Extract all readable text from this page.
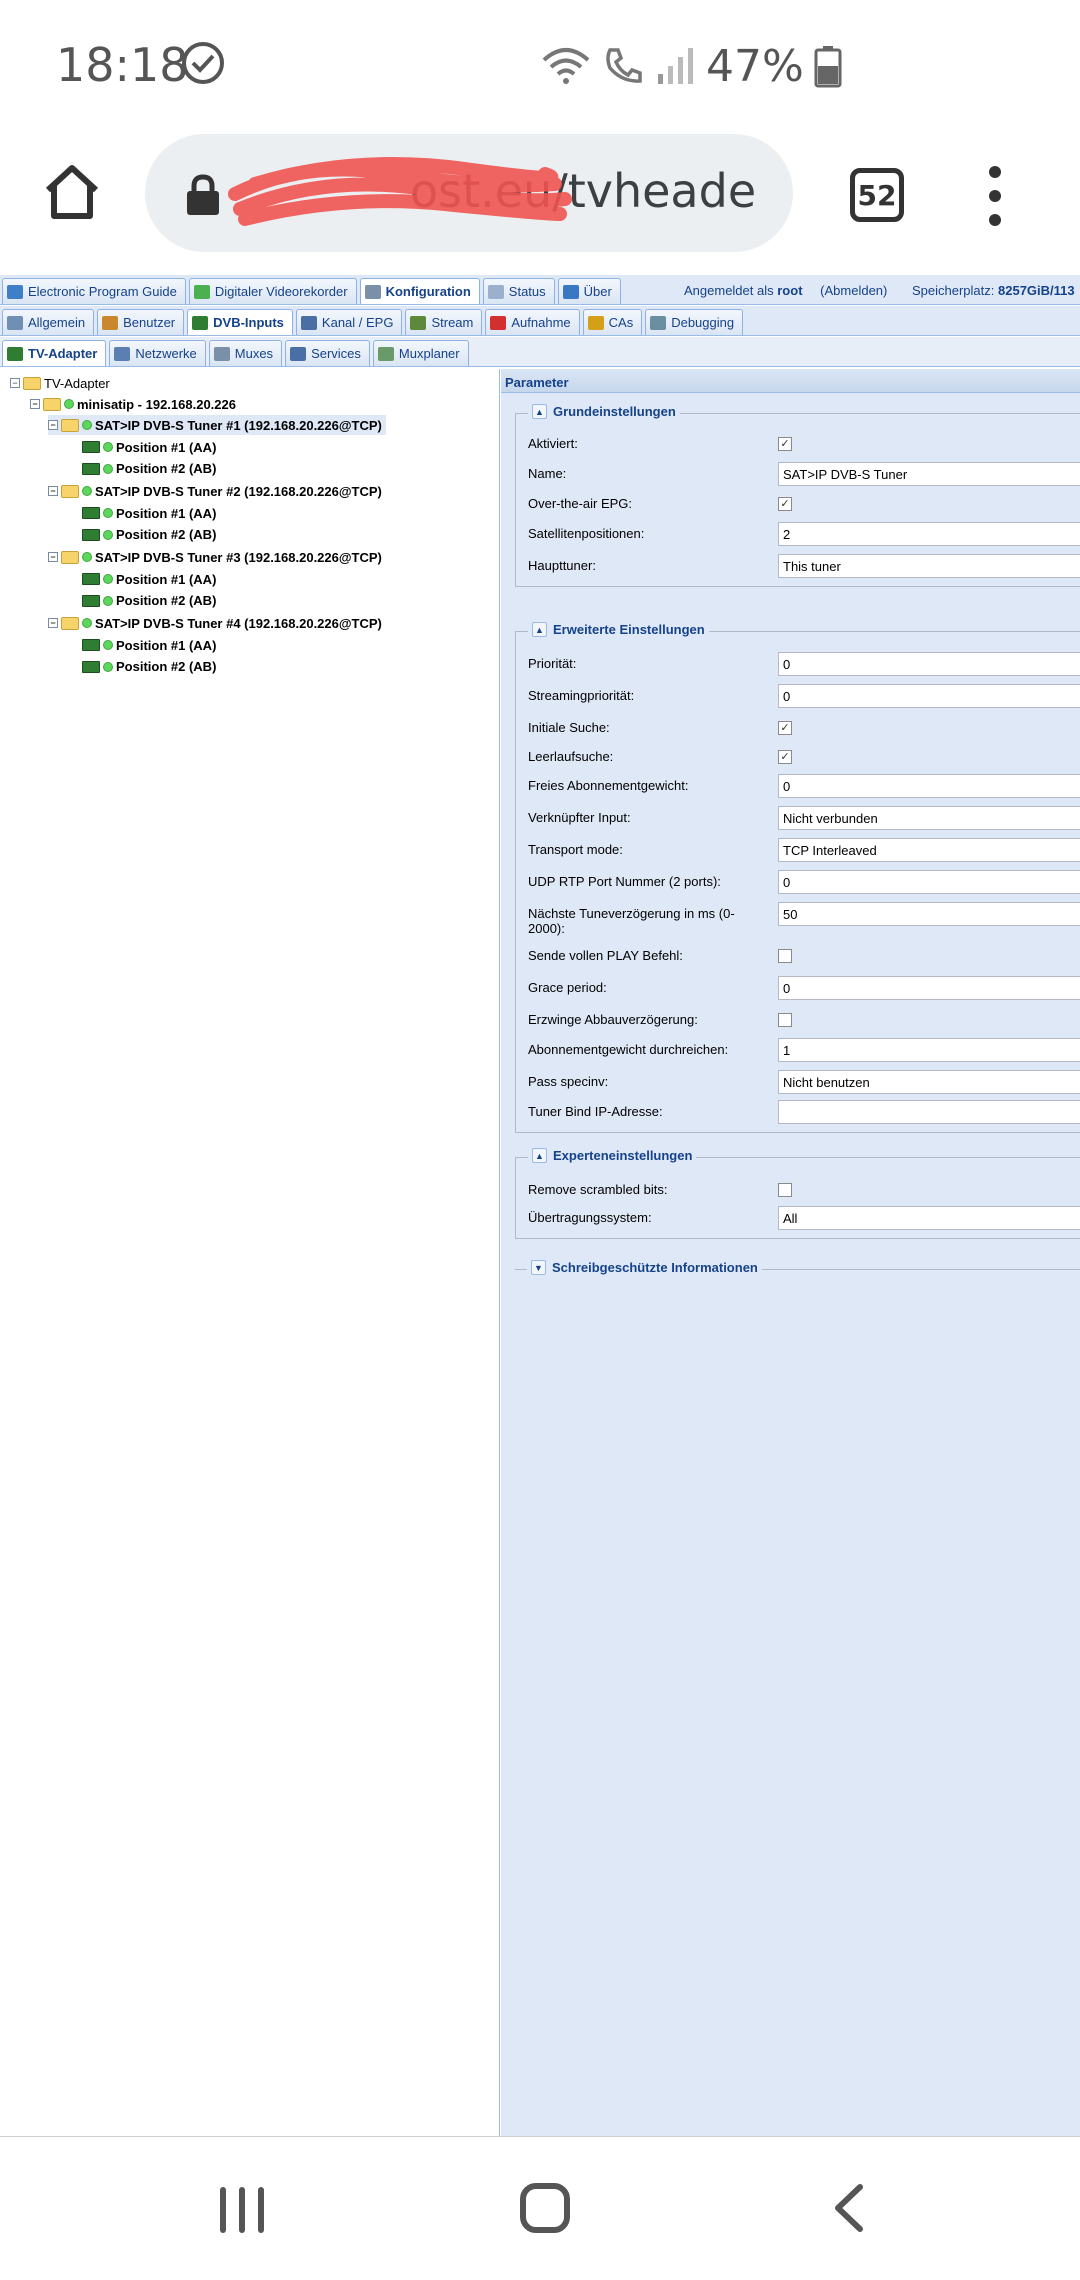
18:18	47%
ost.eu/tvheade	52
Electronic Program Guide	Digitaler Videorekorder	Konfiguration	Status	Über	Angemeldet als root (Abmelden) Speicherplatz: 8257GiB/113
Allgemein	Benutzer	DVB-Inputs	Kanal / EPG	Stream	Aufnahme	CAs	Debugging
TV-Adapter	Netzwerke	Muxes	Services	Muxplaner
− TV-Adapter
−	minisatip - 192.168.20.226
−	SAT>IP DVB-S Tuner #1 (192.168.20.226@TCP)
Position #1 (AA)
Position #2 (AB)
−	SAT>IP DVB-S Tuner #2 (192.168.20.226@TCP)
Position #1 (AA)
Position #2 (AB)
−	SAT>IP DVB-S Tuner #3 (192.168.20.226@TCP)
Position #1 (AA)
Position #2 (AB)
−	SAT>IP DVB-S Tuner #4 (192.168.20.226@TCP)
Position #1 (AA)
Position #2 (AB)
Parameter
▲ Grundeinstellungen
Aktiviert:	✓
Name:	SAT>IP DVB-S Tuner
Over-the-air EPG:	✓
Satellitenpositionen:	2
Haupttuner:	This tuner
▲ Erweiterte Einstellungen
Priorität:	0
Streamingpriorität:	0
Initiale Suche:	✓
Leerlaufsuche:	✓
Freies Abonnementgewicht:	0
Verknüpfter Input:	Nicht verbunden
Transport mode:	TCP Interleaved
UDP RTP Port Nummer (2 ports):	0
Nächste Tuneverzögerung in ms (0-2000):
50
Sende vollen PLAY Befehl:
Grace period:	0
Erzwinge Abbauverzögerung:
Abonnementgewicht durchreichen:	1
Pass specinv:	Nicht benutzen
Tuner Bind IP-Adresse:
▲ Experteneinstellungen
Remove scrambled bits:
Übertragungssystem:	All
▼ Schreibgeschützte Informationen
